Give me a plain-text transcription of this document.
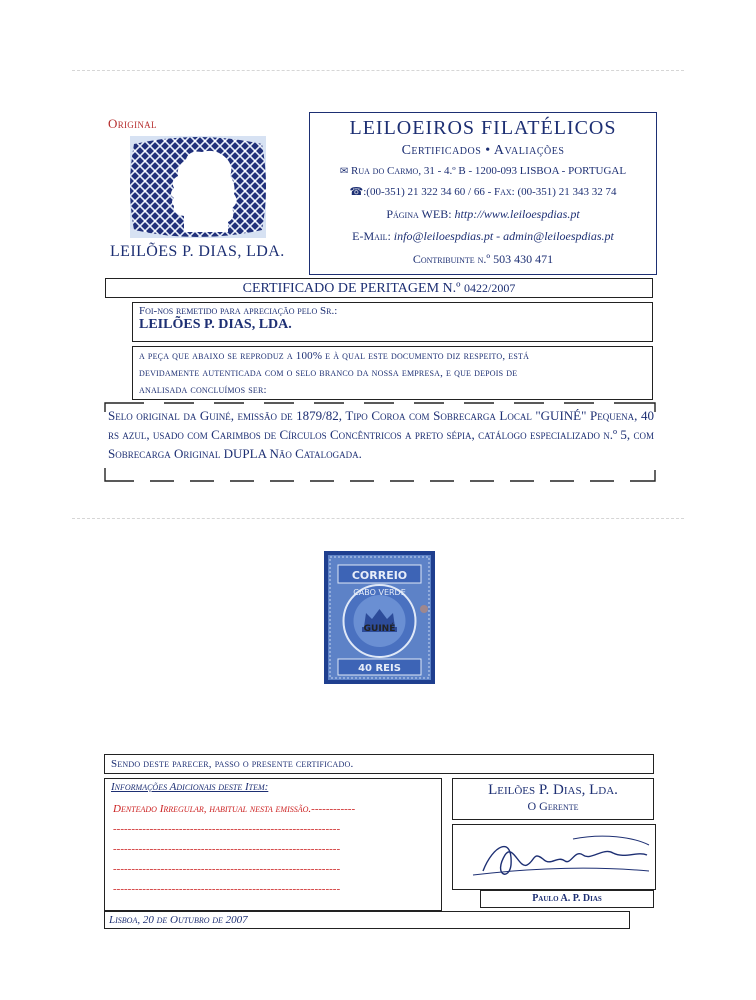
Original
LEILÕES P. DIAS, LDA.
LEILOEIROS FILATÉLICOS
Certificados • Avaliações
✉ Rua do Carmo, 31 - 4.º B - 1200-093 LISBOA - PORTUGAL
☎:(00-351) 21 322 34 60 / 66 - Fax: (00-351) 21 343 32 74
Página WEB: http://www.leiloespdias.pt
E-Mail: info@leiloespdias.pt - admin@leiloespdias.pt
Contribuinte n.º 503 430 471
CERTIFICADO DE PERITAGEM N.º 0422/2007
Foi-nos remetido para apreciação pelo Sr.:
LEILÕES P. DIAS, LDA.
a peça que abaixo se reproduz a 100% e à qual este documento diz respeito, está
devidamente autenticada com o selo branco da nossa empresa, e que depois de
analisada concluímos ser:
Selo original da Guiné, emissão de 1879/82, Tipo Coroa com Sobrecarga Local "GUINÉ" Pequena, 40 rs azul, usado com Carimbos de Círculos Concêntricos a preto sépia, catálogo especializado n.º 5, com Sobrecarga Original DUPLA Não Catalogada.
CORREIO
CABO VERDE
GUINÉ
40 REIS
Sendo deste parecer, passo o presente certificado.
Informações Adicionais deste Item:
Denteado Irregular, habitual nesta emissão.------------
--------------------------------------------------------------
--------------------------------------------------------------
--------------------------------------------------------------
--------------------------------------------------------------
Leilões P. Dias, Lda.
O Gerente
Paulo A. P. Dias
Lisboa, 20 de Outubro de 2007
